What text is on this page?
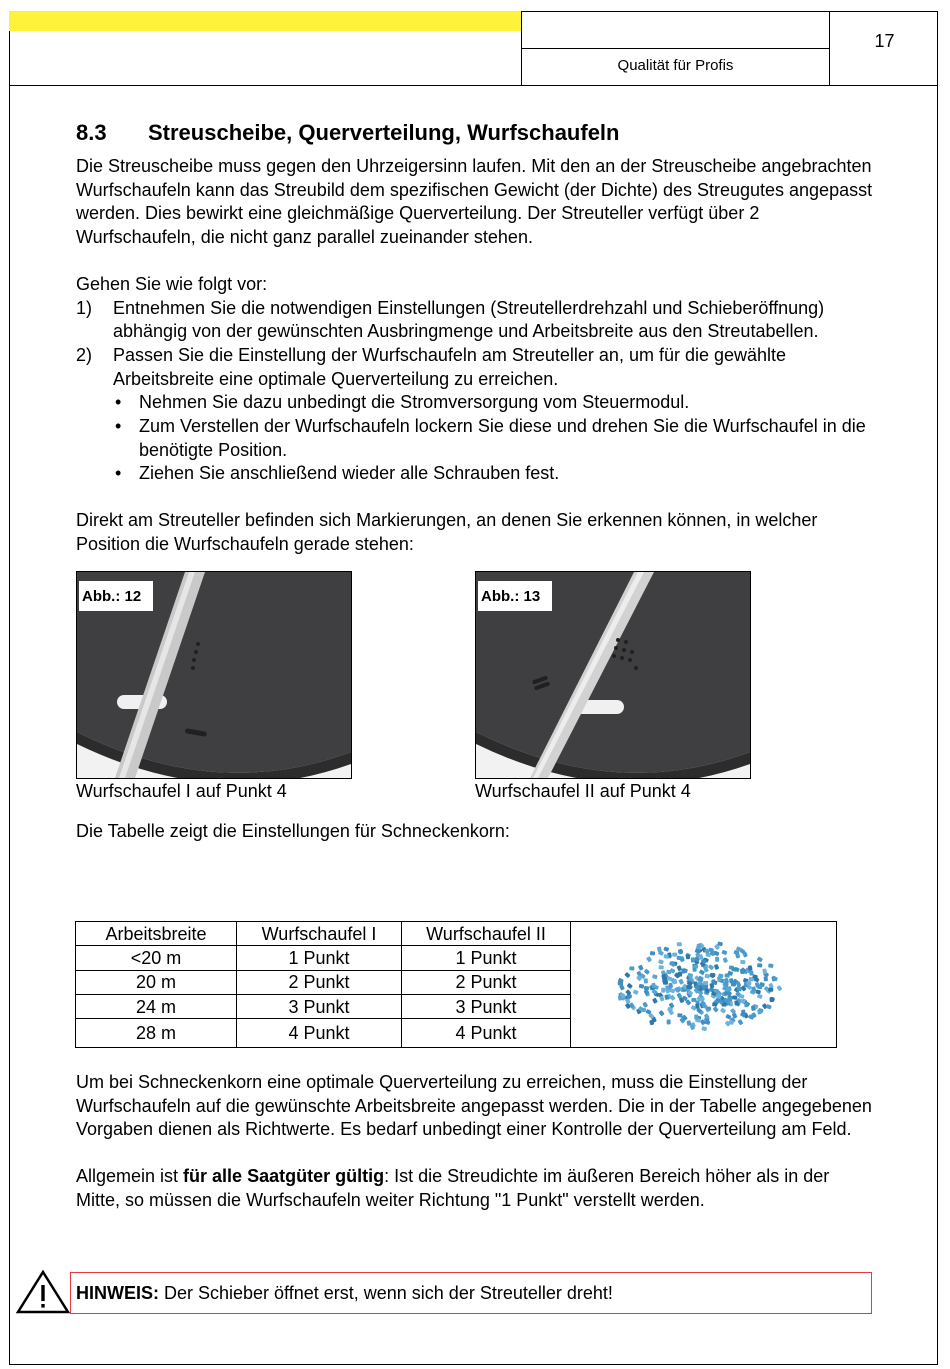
Qualität für Profis
17
8.3	Streuscheibe, Querverteilung, Wurfschaufeln

Die Streuscheibe muss gegen den Uhrzeigersinn laufen. Mit den an der Streuscheibe angebrachten Wurfschaufeln kann das Streubild dem spezifischen Gewicht (der Dichte) des Streugutes angepasst werden. Dies bewirkt eine gleichmäßige Querverteilung. Der Streuteller verfügt über 2 Wurfschaufeln, die nicht ganz parallel zueinander stehen.

Gehen Sie wie folgt vor:

1)	Entnehmen Sie die notwendigen Einstellungen (Streutellerdrehzahl und Schieberöffnung) abhängig von der gewünschten Ausbringmenge und Arbeitsbreite aus den Streutabellen.
2)	Passen Sie die Einstellung der Wurfschaufeln am Streuteller an, um für die gewählte Arbeitsbreite eine optimale Querverteilung zu erreichen.
• Nehmen Sie dazu unbedingt die Stromversorgung vom Steuermodul.
• Zum Verstellen der Wurfschaufeln lockern Sie diese und drehen Sie die Wurfschaufel in die benötigte Position.
• Ziehen Sie anschließend wieder alle Schrauben fest.

Direkt am Streuteller befinden sich Markierungen, an denen Sie erkennen können, in welcher Position die Wurfschaufeln gerade stehen:

Abb.: 12
Wurfschaufel I auf Punkt 4
Abb.: 13
Wurfschaufel II auf Punkt 4

Die Tabelle zeigt die Einstellungen für Schneckenkorn:

Arbeitsbreite	Wurfschaufel I	Wurfschaufel II	
<20 m	1 Punkt	1 Punkt	
20 m	2 Punkt	2 Punkt	
24 m	3 Punkt	3 Punkt	
28 m	4 Punkt	4 Punkt	

Um bei Schneckenkorn eine optimale Querverteilung zu erreichen, muss die Einstellung der Wurfschaufeln auf die gewünschte Arbeitsbreite angepasst werden. Die in der Tabelle angegebenen Vorgaben dienen als Richtwerte. Es bedarf unbedingt einer Kontrolle der Querverteilung am Feld.

Allgemein ist für alle Saatgüter gültig: Ist die Streudichte im äußeren Bereich höher als in der Mitte, so müssen die Wurfschaufeln weiter Richtung "1 Punkt" verstellt werden.

HINWEIS: Der Schieber öffnet erst, wenn sich der Streuteller dreht!
